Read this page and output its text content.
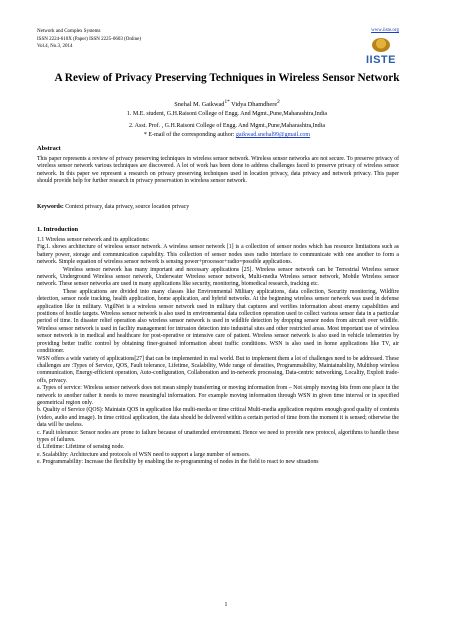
Network and Complex Systems
ISSN 2224-610X (Paper) ISSN 2225-0603 (Online)
Vol.4, No.3, 2014
www.iiste.org
IISTE
A Review of Privacy Preserving Techniques in Wireless Sensor Network
Snehal M. Gaikwad$^{1*}$ Vidya Dhamdhere$^2$
1. M.E. student, G.H.Raisoni College of Engg. And Mgmt.,Pune,Maharashtra,India
2. Asst. Prof. , G.H.Raisoni College of Engg. And Mgmt.,Pune,Maharashtra,India
* E-mail of the corresponding author: gaikwad.snehal99@gmail.com
Abstract
This paper represents a review of privacy preserving techniques in wireless sensor network. Wireless sensor networks are not secure. To preserve privacy of wireless sensor network various techniques are discovered. A lot of work has been done to address challenges faced to preserve privacy of wireless sensor network. In this paper we represent a research on privacy preserving techniques used in location privacy, data privacy and network privacy. This paper should provide help for further research in privacy preservation in wireless sensor network.
Keywords: Context privacy, data privacy, source location privacy
1. Introduction

1.1 Wireless sensor network and its applications:

Fig.1. shows architecture of wireless sensor network. A wireless sensor network [1] is a collection of sensor nodes which has resource limitations such as battery power, storage and communication capability. This collection of sensor nodes uses radio interface to communicate with one another to form a network. Simple equation of wireless sensor network is sensing power+processor+radio=possible applications.

Wireless sensor network has many important and necessary applications [25]. Wireless sensor network can be Terrestrial Wireless sensor network, Underground Wireless sensor network, Underwater Wireless sensor network, Multi-media Wireless sensor network, Mobile Wireless sensor network. These sensor networks are used in many applications like security, monitoring, biomedical research, tracking etc.

These applications are divided into many classes like Environmental Military applications, data collection, Security monitoring, Wildfire detection, sensor node tracking, health application, home application, and hybrid networks. At the beginning wireless sensor network was used in defense application like in military. VigilNet is a wireless sensor network used in military that captures and verifies information about enemy capabilities and positions of hostile targets. Wireless sensor network is also used in environmental data collection operation used to collect various sensor data in a particular period of time. In disaster relief operation also wireless sensor network is used in wildlife detection by dropping sensor nodes from aircraft over wildlife. Wireless sensor network is used in facility management for intrusion detection into industrial sites and other restricted areas. Most important use of wireless sensor network is in medical and healthcare for post-operative or intensive care of patient. Wireless sensor network is also used in vehicle telemetries by providing better traffic control by obtaining finer-grained information about traffic conditions. WSN is also used in home applications like TV, air conditioner.

WSN offers a wide variety of applications[27] that can be implemented in real world. But to implement them a lot of challenges need to be addressed. These challenges are :Types of Service, QOS, Fault tolerance, Lifetime, Scalability, Wide range of densities, Programmability, Maintainability, Multihop wireless communication, Energy-efficient operation, Auto-configuration, Collaboration and in-network processing, Data-centric networking, Locality, Exploit trade-offs, privacy.

a. Types of service: Wireless sensor network does not mean simply transferring or moving information from – Not simply moving bits from one place in the network to another rather it needs to move meaningful information. For example moving information through WSN in given time interval or in specified geometrical region only.

b. Quality of Service (QOS): Maintain QOS in application like multi-media or time critical Multi-media application requires enough good quality of contents (video, audio and image). In time critical application, the data should be delivered within a certain period of time from the moment it is sensed; otherwise the data will be useless.

c. Fault tolerance: Sensor nodes are prone to failure because of unattended environment. Hence we need to provide new protocol, algorithms to handle these types of failures.

d. Lifetime: Lifetime of sensing node.

e. Scalability: Architecture and protocols of WSN need to support a large number of sensors.

e. Programmability: Increase the flexibility by enabling the re-programming of nodes in the field to react to new situations

1
